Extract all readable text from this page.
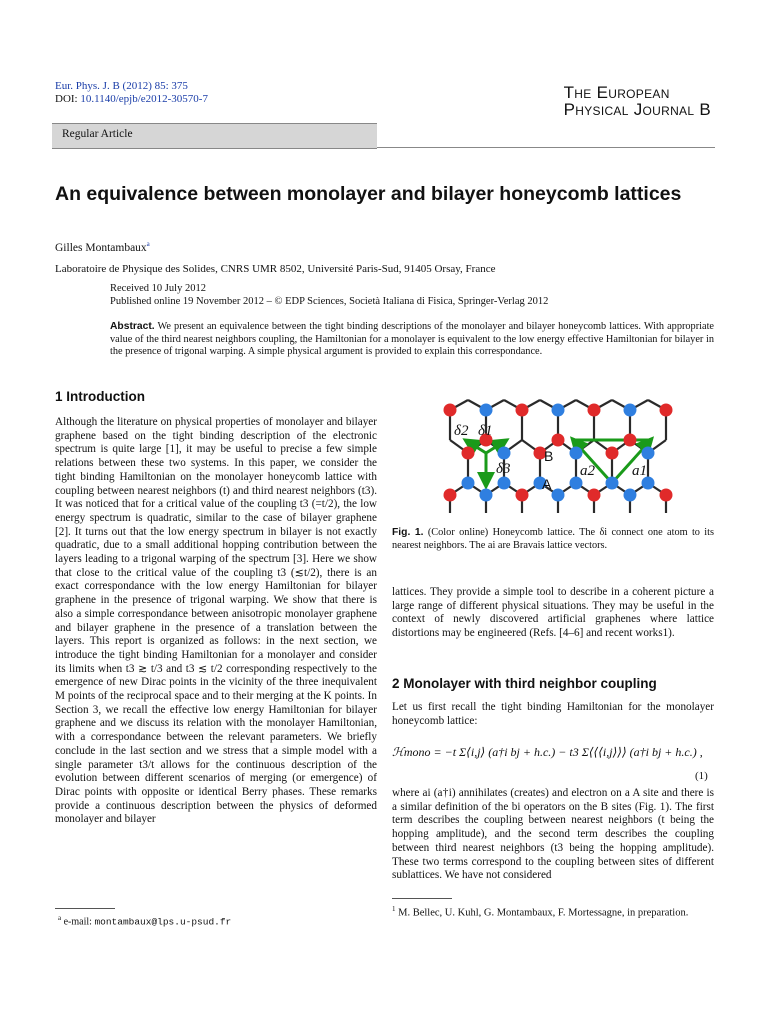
Eur. Phys. J. B (2012) 85: 375
DOI: 10.1140/epjb/e2012-30570-7	The European
Physical Journal B
Regular Article
An equivalence between monolayer and bilayer honeycomb lattices
Gilles Montambaux$^a$
Laboratoire de Physique des Solides, CNRS UMR 8502, Université Paris-Sud, 91405 Orsay, France
Received 10 July 2012
Published online 19 November 2012 – © EDP Sciences, Società Italiana di Fisica, Springer-Verlag 2012
Abstract. We present an equivalence between the tight binding descriptions of the monolayer and bilayer honeycomb lattices. With appropriate value of the third nearest neighbors coupling, the Hamiltonian for a monolayer is equivalent to the low energy effective Hamiltonian for bilayer in the presence of trigonal warping. A simple physical argument is provided to explain this correspondance.
1 Introduction
Although the literature on physical properties of monolayer and bilayer graphene based on the tight binding description of the electronic spectrum is quite large [1], it may be useful to precise a few simple relations between these two systems. In this paper, we consider the tight binding Hamiltonian on the monolayer honeycomb lattice with coupling between nearest neighbors (t) and third nearest neighbors (t3). It was noticed that for a critical value of the coupling t3 (=t/2), the low energy spectrum is quadratic, similar to the case of bilayer graphene [2]. It turns out that the low energy spectrum in bilayer is not exactly quadratic, due to a small additional hopping contribution between the layers leading to a trigonal warping of the spectrum [3]. Here we show that close to the critical value of the coupling t3 (≲t/2), there is an exact correspondance with the low energy Hamiltonian for bilayer graphene in the presence of trigonal warping. We show that there is also a simple correspondance between anisotropic monolayer graphene and bilayer graphene in the presence of a translation between the layers. This report is organized as follows: in the next section, we introduce the tight binding Hamiltonian for a monolayer and consider its limits when t3 ≳ t/3 and t3 ≲ t/2 corresponding respectively to the emergence of new Dirac points in the vicinity of the three inequivalent M points of the reciprocal space and to their merging at the K points. In Section 3, we recall the effective low energy Hamiltonian for bilayer graphene and we discuss its relation with the monolayer Hamiltonian, with a correspondance between the relevant parameters. We briefly conclude in the last section and we stress that a simple model with a single parameter t3/t allows for the continuous description of the evolution between different scenarios of merging (or emergence) of Dirac points with opposite or identical Berry phases. These remarks provide a continuous description between the physics of deformed monolayer and bilayer
$^a$ e-mail: montambaux@lps.u-psud.fr
δ2 δ1
δ3	a2 a1
B
A
Fig. 1. (Color online) Honeycomb lattice. The δi connect one atom to its nearest neighbors. The ai are Bravais lattice vectors.
lattices. They provide a simple tool to describe in a coherent picture a large range of different physical situations. They may be useful in the context of newly discovered artificial graphenes where lattice distortions may be engineered (Refs. [4–6] and recent works1).
2 Monolayer with third neighbor coupling
Let us first recall the tight binding Hamiltonian for the monolayer honeycomb lattice:
ℋmono = −t Σ⟨i,j⟩ (a†i bj + h.c.) − t3 Σ⟨⟨⟨i,j⟩⟩⟩ (a†i bj + h.c.) ,
(1)
where ai (a†i) annihilates (creates) and electron on a A site and there is a similar definition of the bi operators on the B sites (Fig. 1). The first term describes the coupling between nearest neighbors (t being the hopping amplitude), and the second term describes the coupling between third nearest neighbors (t3 being the hopping amplitude). These two terms correspond to the coupling between sites of different sublattices. We have not considered
$^1$ M. Bellec, U. Kuhl, G. Montambaux, F. Mortessagne, in preparation.
